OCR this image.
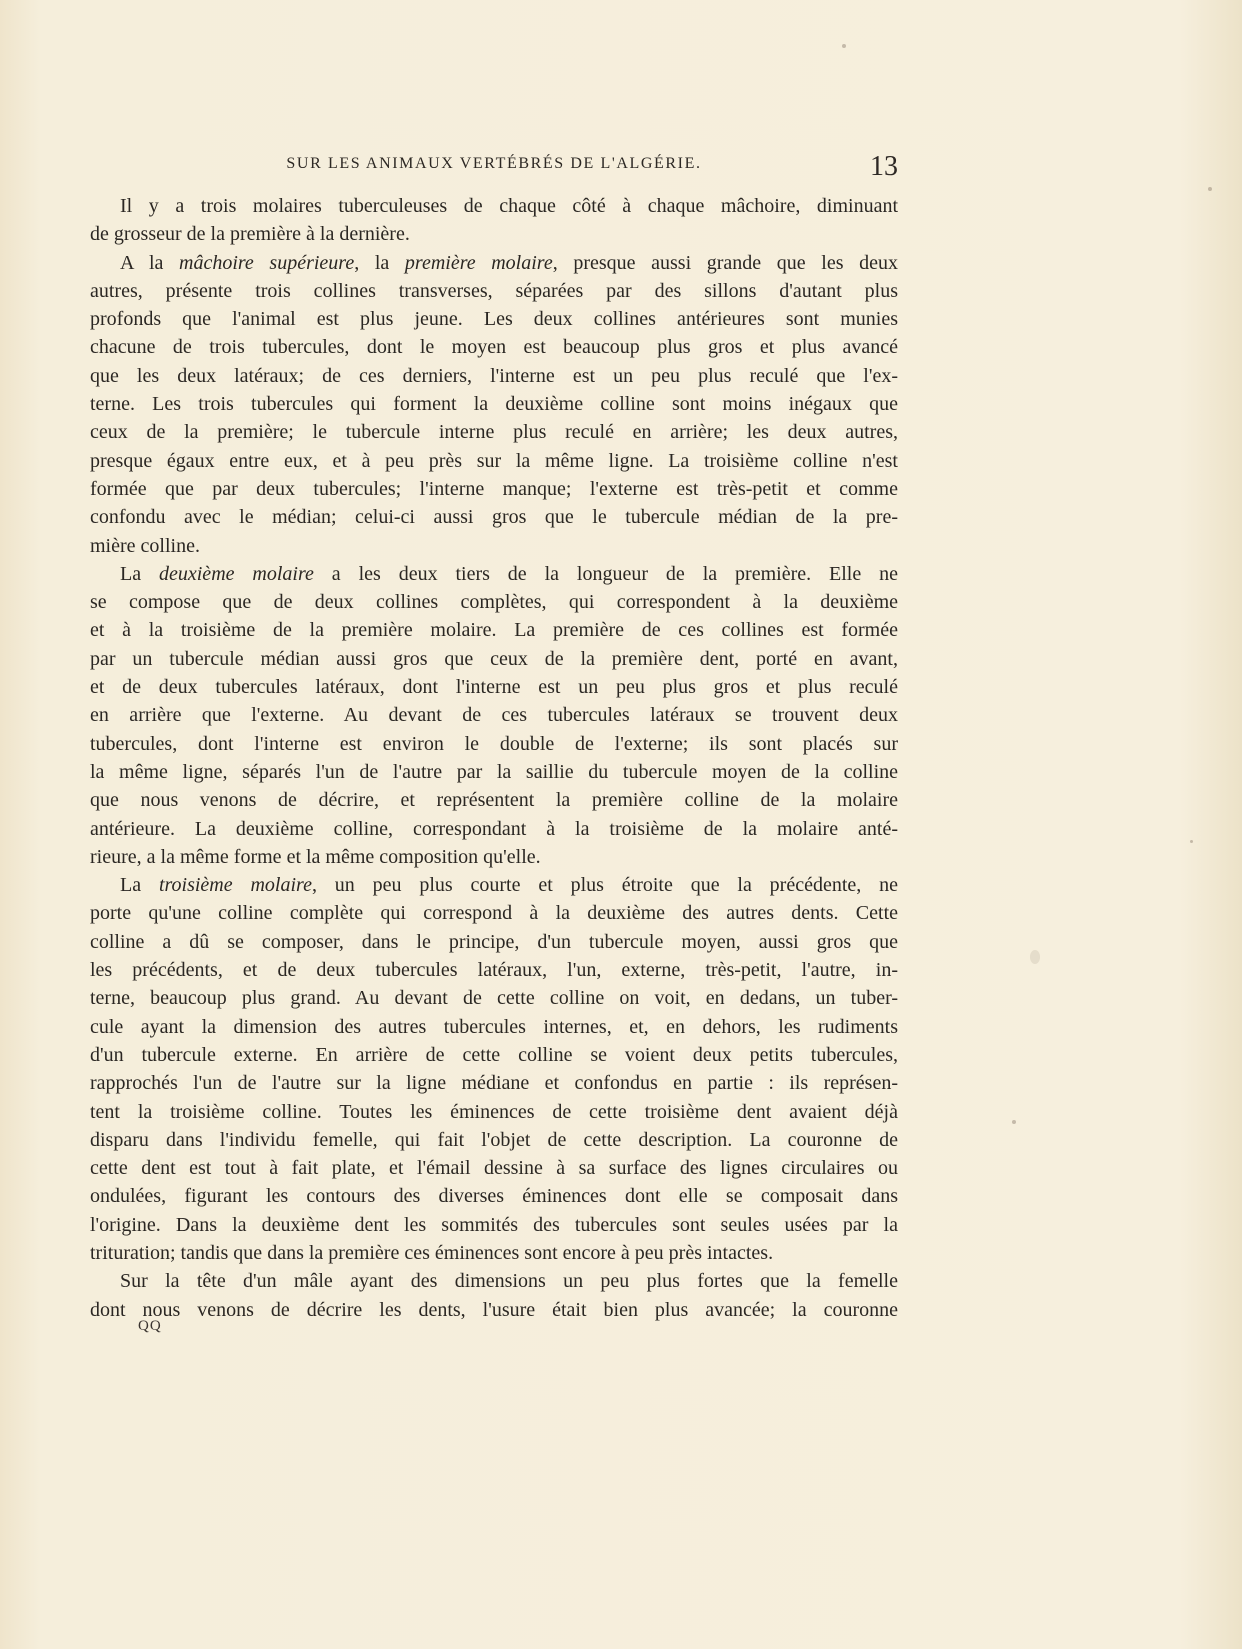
SUR LES ANIMAUX VERTÉBRÉS DE L'ALGÉRIE.	13
Il y a trois molaires tuberculeuses de chaque côté à chaque mâchoire, diminuant
de grosseur de la première à la dernière.
A la mâchoire supérieure, la première molaire, presque aussi grande que les deux
autres, présente trois collines transverses, séparées par des sillons d'autant plus
profonds que l'animal est plus jeune. Les deux collines antérieures sont munies
chacune de trois tubercules, dont le moyen est beaucoup plus gros et plus avancé
que les deux latéraux; de ces derniers, l'interne est un peu plus reculé que l'ex-
terne. Les trois tubercules qui forment la deuxième colline sont moins inégaux que
ceux de la première; le tubercule interne plus reculé en arrière; les deux autres,
presque égaux entre eux, et à peu près sur la même ligne. La troisième colline n'est
formée que par deux tubercules; l'interne manque; l'externe est très-petit et comme
confondu avec le médian; celui-ci aussi gros que le tubercule médian de la pre-
mière colline.
La deuxième molaire a les deux tiers de la longueur de la première. Elle ne
se compose que de deux collines complètes, qui correspondent à la deuxième
et à la troisième de la première molaire. La première de ces collines est formée
par un tubercule médian aussi gros que ceux de la première dent, porté en avant,
et de deux tubercules latéraux, dont l'interne est un peu plus gros et plus reculé
en arrière que l'externe. Au devant de ces tubercules latéraux se trouvent deux
tubercules, dont l'interne est environ le double de l'externe; ils sont placés sur
la même ligne, séparés l'un de l'autre par la saillie du tubercule moyen de la colline
que nous venons de décrire, et représentent la première colline de la molaire
antérieure. La deuxième colline, correspondant à la troisième de la molaire anté-
rieure, a la même forme et la même composition qu'elle.
La troisième molaire, un peu plus courte et plus étroite que la précédente, ne
porte qu'une colline complète qui correspond à la deuxième des autres dents. Cette
colline a dû se composer, dans le principe, d'un tubercule moyen, aussi gros que
les précédents, et de deux tubercules latéraux, l'un, externe, très-petit, l'autre, in-
terne, beaucoup plus grand. Au devant de cette colline on voit, en dedans, un tuber-
cule ayant la dimension des autres tubercules internes, et, en dehors, les rudiments
d'un tubercule externe. En arrière de cette colline se voient deux petits tubercules,
rapprochés l'un de l'autre sur la ligne médiane et confondus en partie : ils représen-
tent la troisième colline. Toutes les éminences de cette troisième dent avaient déjà
disparu dans l'individu femelle, qui fait l'objet de cette description. La couronne de
cette dent est tout à fait plate, et l'émail dessine à sa surface des lignes circulaires ou
ondulées, figurant les contours des diverses éminences dont elle se composait dans
l'origine. Dans la deuxième dent les sommités des tubercules sont seules usées par la
trituration; tandis que dans la première ces éminences sont encore à peu près intactes.
Sur la tête d'un mâle ayant des dimensions un peu plus fortes que la femelle
dont nous venons de décrire les dents, l'usure était bien plus avancée; la couronne
QQ
